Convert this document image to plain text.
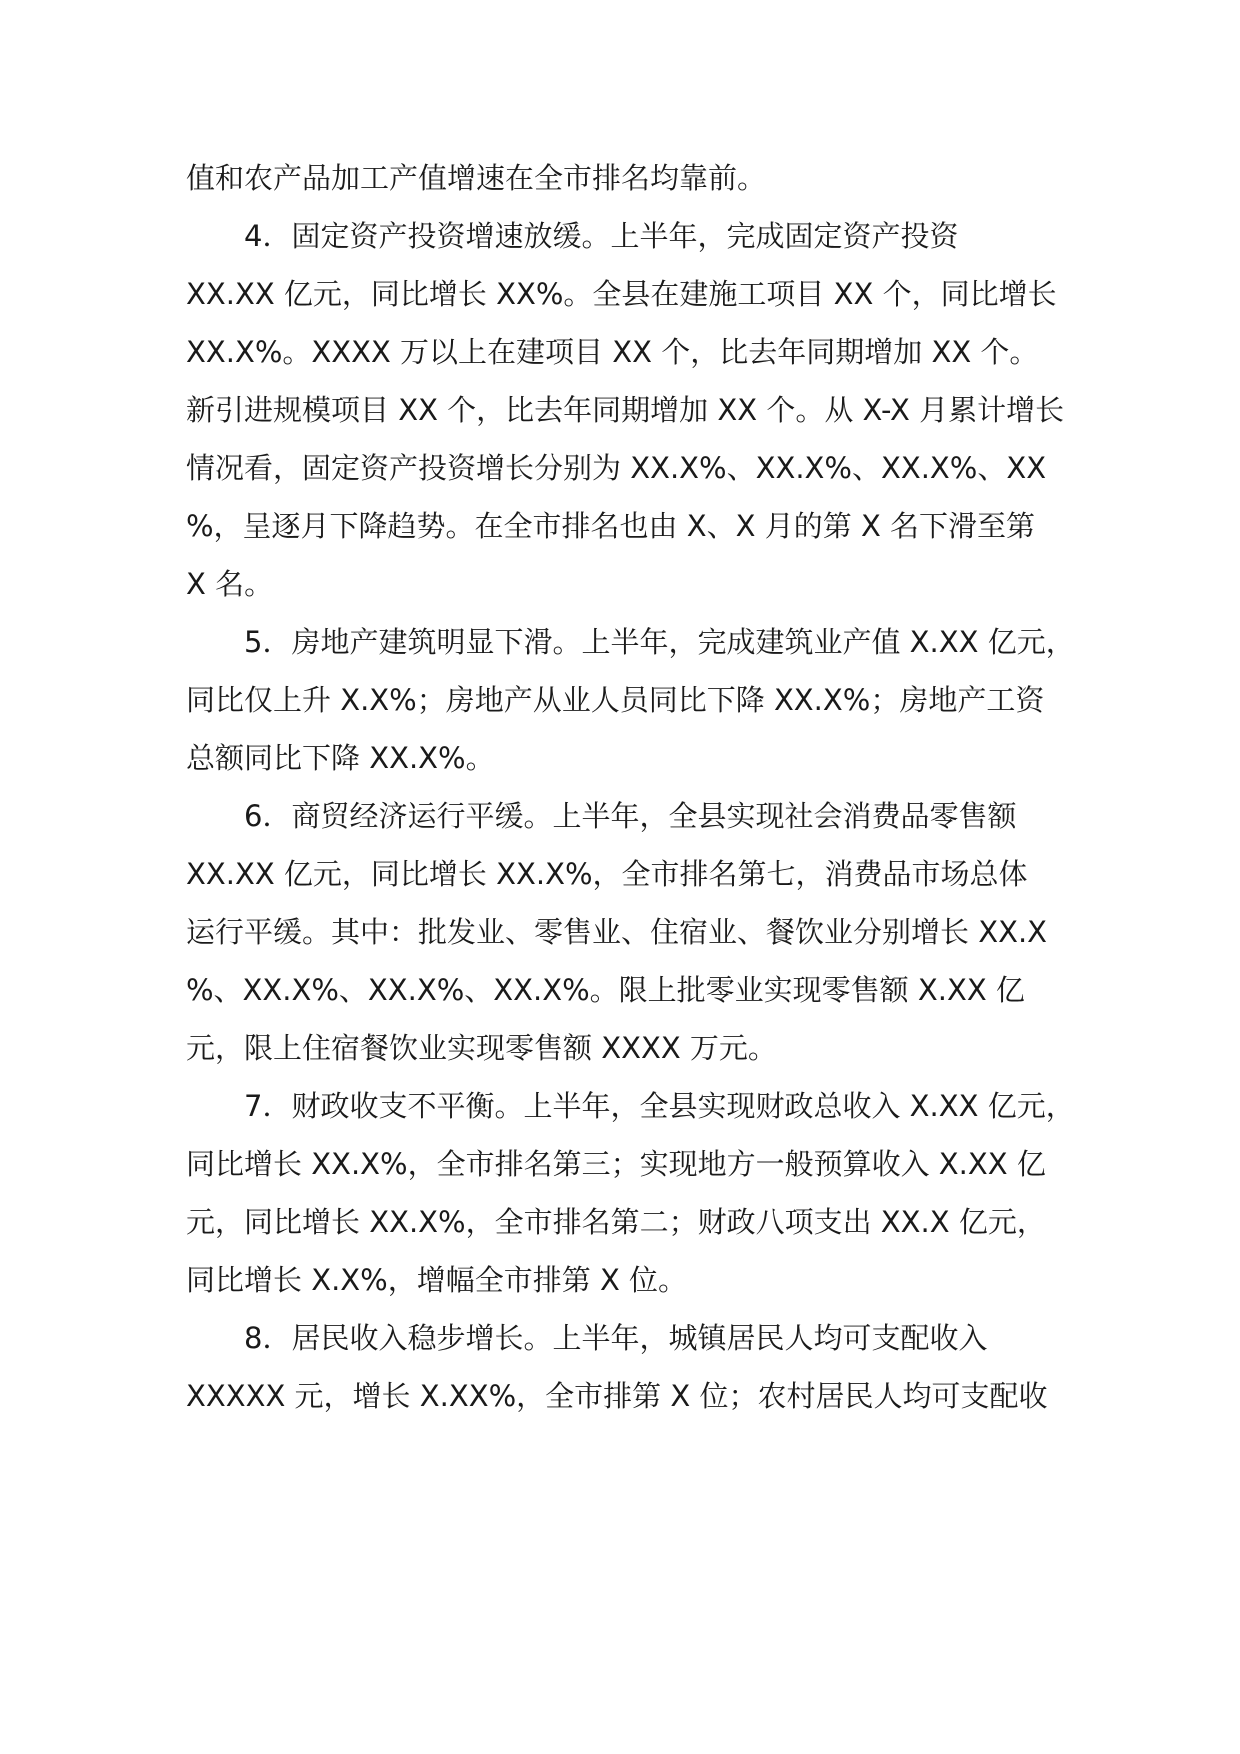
值和农产品加工产值增速在全市排名均靠前。
4．固定资产投资增速放缓。上半年，完成固定资产投资
XX.XX 亿元，同比增长 XX%。全县在建施工项目 XX 个，同比增长
XX.X%。XXXX 万以上在建项目 XX 个，比去年同期增加 XX 个。
新引进规模项目 XX 个，比去年同期增加 XX 个。从 X-X 月累计增长
情况看，固定资产投资增长分别为 XX.X%、XX.X%、XX.X%、XX
%，呈逐月下降趋势。在全市排名也由 X、X 月的第 X 名下滑至第
X 名。
5．房地产建筑明显下滑。上半年，完成建筑业产值 X.XX 亿元，
同比仅上升 X.X%；房地产从业人员同比下降 XX.X%；房地产工资
总额同比下降 XX.X%。
6．商贸经济运行平缓。上半年，全县实现社会消费品零售额
XX.XX 亿元，同比增长 XX.X%，全市排名第七，消费品市场总体
运行平缓。其中：批发业、零售业、住宿业、餐饮业分别增长 XX.X
%、XX.X%、XX.X%、XX.X%。限上批零业实现零售额 X.XX 亿
元，限上住宿餐饮业实现零售额 XXXX 万元。
7．财政收支不平衡。上半年，全县实现财政总收入 X.XX 亿元，
同比增长 XX.X%，全市排名第三；实现地方一般预算收入 X.XX 亿
元，同比增长 XX.X%，全市排名第二；财政八项支出 XX.X 亿元，
同比增长 X.X%，增幅全市排第 X 位。
8．居民收入稳步增长。上半年，城镇居民人均可支配收入
XXXXX 元，增长 X.XX%，全市排第 X 位；农村居民人均可支配收
